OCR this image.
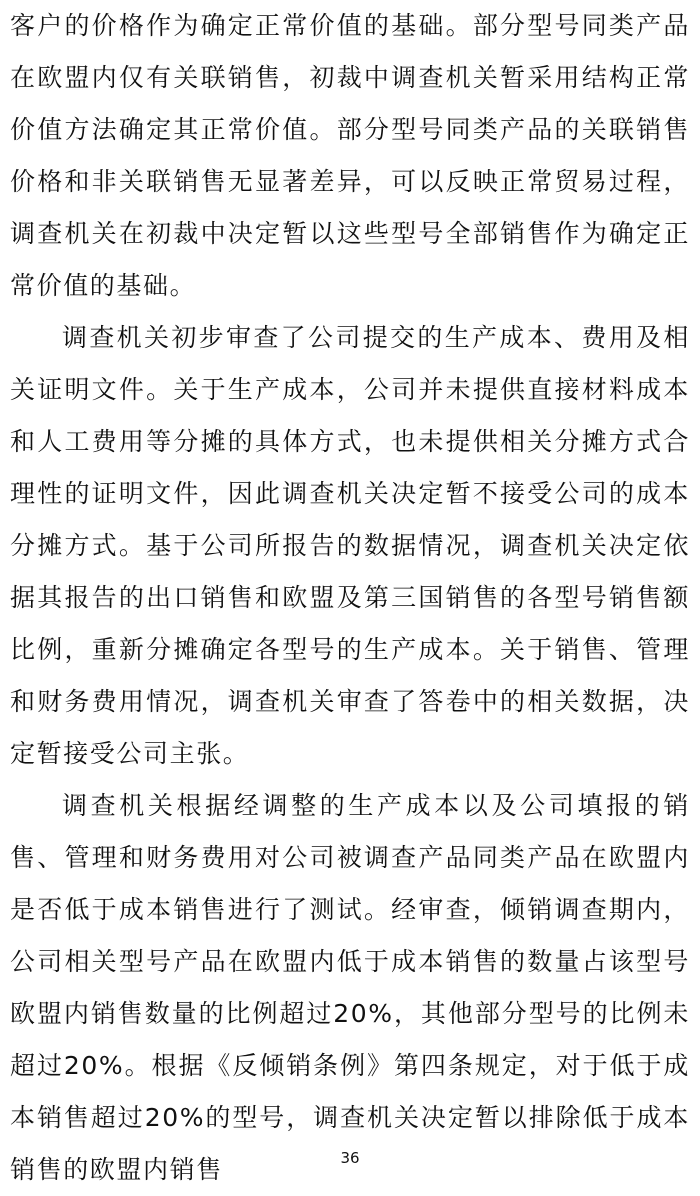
客户的价格作为确定正常价值的基础。部分型号同类产品在欧盟内仅有关联销售，初裁中调查机关暂采用结构正常价值方法确定其正常价值。部分型号同类产品的关联销售价格和非关联销售无显著差异，可以反映正常贸易过程，调查机关在初裁中决定暂以这些型号全部销售作为确定正常价值的基础。

调查机关初步审查了公司提交的生产成本、费用及相关证明文件。关于生产成本，公司并未提供直接材料成本和人工费用等分摊的具体方式，也未提供相关分摊方式合理性的证明文件，因此调查机关决定暂不接受公司的成本分摊方式。基于公司所报告的数据情况，调查机关决定依据其报告的出口销售和欧盟及第三国销售的各型号销售额比例，重新分摊确定各型号的生产成本。关于销售、管理和财务费用情况，调查机关审查了答卷中的相关数据，决定暂接受公司主张。

调查机关根据经调整的生产成本以及公司填报的销售、管理和财务费用对公司被调查产品同类产品在欧盟内是否低于成本销售进行了测试。经审查，倾销调查期内，公司相关型号产品在欧盟内低于成本销售的数量占该型号欧盟内销售数量的比例超过20%，其他部分型号的比例未超过20%。根据《反倾销条例》第四条规定，对于低于成本销售超过20%的型号，调查机关决定暂以排除低于成本销售的欧盟内销售	36
